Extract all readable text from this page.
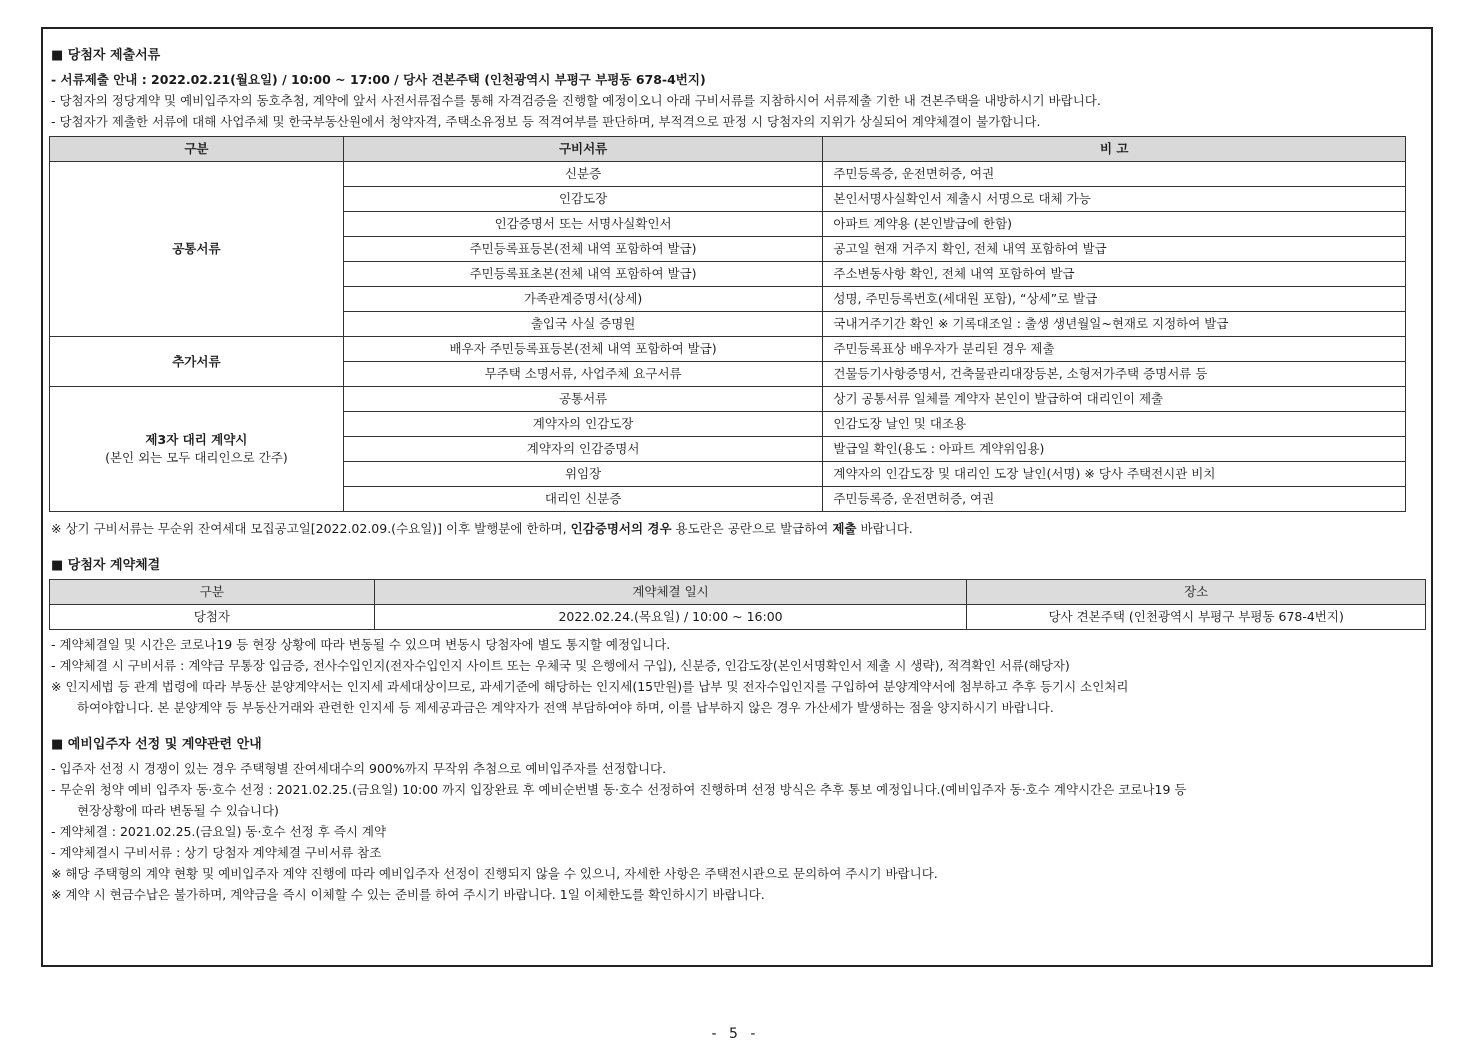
■ 당첨자 제출서류
- 서류제출 안내 : 2022.02.21(월요일) / 10:00 ~ 17:00 / 당사 견본주택 (인천광역시 부평구 부평동 678-4번지)
- 당첨자의 정당계약 및 예비입주자의 동호추첨, 계약에 앞서 사전서류접수를 통해 자격검증을 진행할 예정이오니 아래 구비서류를 지참하시어 서류제출 기한 내 견본주택을 내방하시기 바랍니다.
- 당첨자가 제출한 서류에 대해 사업주체 및 한국부동산원에서 청약자격, 주택소유정보 등 적격여부를 판단하며, 부적격으로 판정 시 당첨자의 지위가 상실되어 계약체결이 불가합니다.
구분	구비서류	비 고
공통서류	신분증	주민등록증, 운전면허증, 여권
	인감도장	본인서명사실확인서 제출시 서명으로 대체 가능
	인감증명서 또는 서명사실확인서	아파트 계약용 (본인발급에 한함)
	주민등록표등본(전체 내역 포함하여 발급)	공고일 현재 거주지 확인, 전체 내역 포함하여 발급
	주민등록표초본(전체 내역 포함하여 발급)	주소변동사항 확인, 전체 내역 포함하여 발급
	가족관계증명서(상세)	성명, 주민등록번호(세대원 포함), “상세”로 발급
	출입국 사실 증명원	국내거주기간 확인 ※ 기록대조일 : 출생 생년월일~현재로 지정하여 발급
추가서류	배우자 주민등록표등본(전체 내역 포함하여 발급)	주민등록표상 배우자가 분리된 경우 제출
	무주택 소명서류, 사업주체 요구서류	건물등기사항증명서, 건축물관리대장등본, 소형저가주택 증명서류 등
제3자 대리 계약시
(본인 외는 모두 대리인으로 간주)	공통서류	상기 공통서류 일체를 계약자 본인이 발급하여 대리인이 제출
	계약자의 인감도장	인감도장 날인 및 대조용
	계약자의 인감증명서	발급일 확인(용도 : 아파트 계약위임용)
	위임장	계약자의 인감도장 및 대리인 도장 날인(서명) ※ 당사 주택전시관 비치
	대리인 신분증	주민등록증, 운전면허증, 여권
※ 상기 구비서류는 무순위 잔여세대 모집공고일[2022.02.09.(수요일)] 이후 발행분에 한하며, 인감증명서의 경우 용도란은 공란으로 발급하여 제출 바랍니다.
■ 당첨자 계약체결
구분	계약체결 일시	장소
당첨자	2022.02.24.(목요일) / 10:00 ~ 16:00	당사 견본주택 (인천광역시 부평구 부평동 678-4번지)
- 계약체결일 및 시간은 코로나19 등 현장 상황에 따라 변동될 수 있으며 변동시 당첨자에 별도 통지할 예정입니다.
- 계약체결 시 구비서류 : 계약금 무통장 입금증, 전사수입인지(전자수입인지 사이트 또는 우체국 및 은행에서 구입), 신분증, 인감도장(본인서명확인서 제출 시 생략), 적격확인 서류(해당자)
※ 인지세법 등 관계 법령에 따라 부동산 분양계약서는 인지세 과세대상이므로, 과세기준에 해당하는 인지세(15만원)를 납부 및 전자수입인지를 구입하여 분양계약서에 첨부하고 추후 등기시 소인처리
하여야합니다. 본 분양계약 등 부동산거래와 관련한 인지세 등 제세공과금은 계약자가 전액 부담하여야 하며, 이를 납부하지 않은 경우 가산세가 발생하는 점을 양지하시기 바랍니다.
■ 예비입주자 선정 및 계약관련 안내
- 입주자 선정 시 경쟁이 있는 경우 주택형별 잔여세대수의 900%까지 무작위 추첨으로 예비입주자를 선정합니다.
- 무순위 청약 예비 입주자 동·호수 선정 : 2021.02.25.(금요일) 10:00 까지 입장완료 후 예비순번별 동·호수 선정하여 진행하며 선정 방식은 추후 통보 예정입니다.(예비입주자 동·호수 계약시간은 코로나19 등
현장상황에 따라 변동될 수 있습니다)
- 계약체결 : 2021.02.25.(금요일) 동·호수 선정 후 즉시 계약
- 계약체결시 구비서류 : 상기 당첨자 계약체결 구비서류 참조
※ 해당 주택형의 계약 현황 및 예비입주자 계약 진행에 따라 예비입주자 선정이 진행되지 않을 수 있으니, 자세한 사항은 주택전시관으로 문의하여 주시기 바랍니다.
※ 계약 시 현금수납은 불가하며, 계약금을 즉시 이체할 수 있는 준비를 하여 주시기 바랍니다. 1일 이체한도를 확인하시기 바랍니다.
- 5 -
